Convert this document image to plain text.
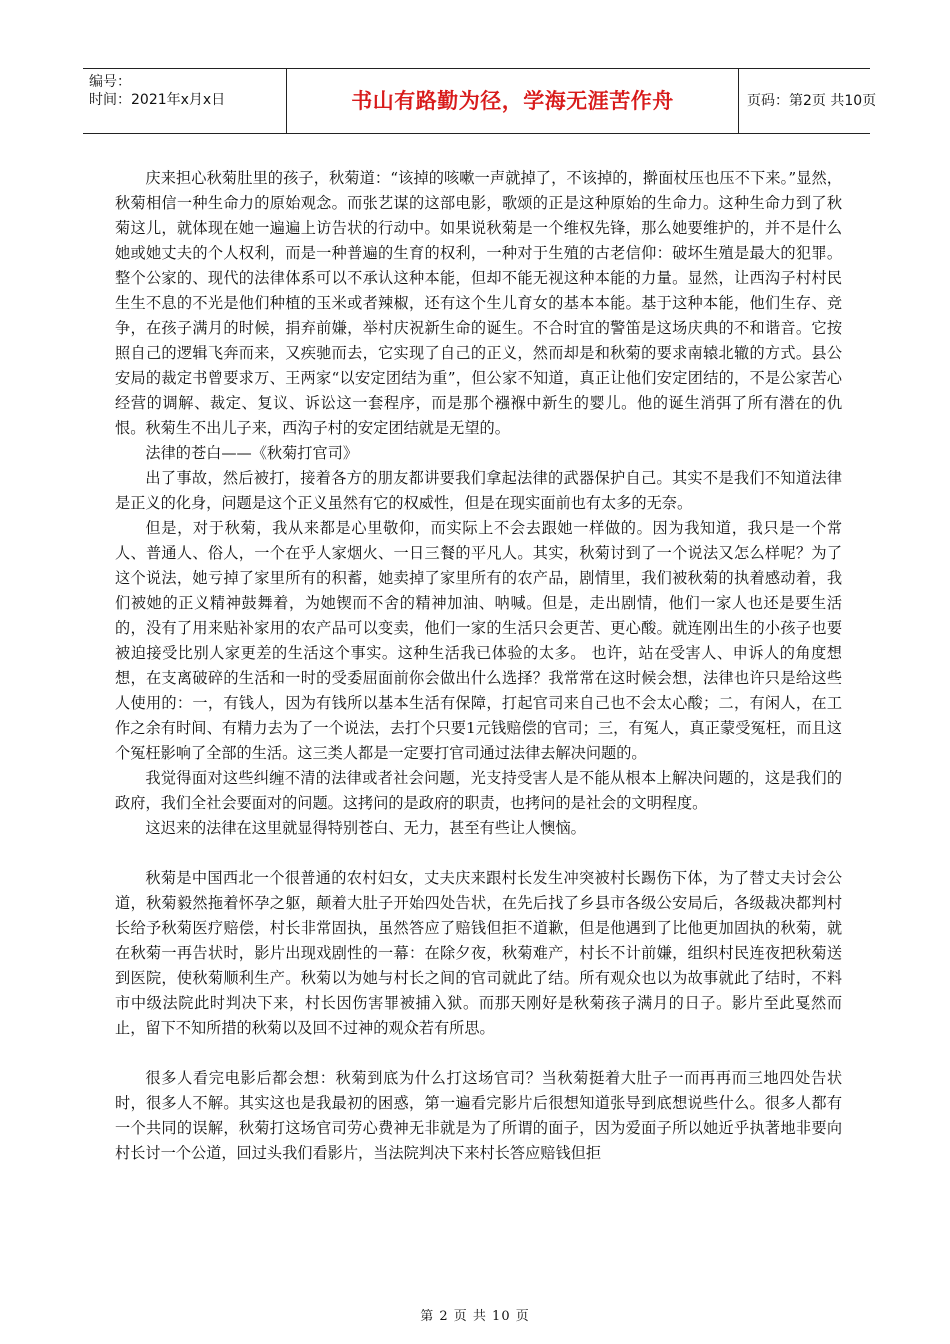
编号：
时间：2021年x月x日	书山有路勤为径，学海无涯苦作舟	页码：第2页 共10页

庆来担心秋菊肚里的孩子，秋菊道：“该掉的咳嗽一声就掉了，不该掉的，擀面杖压也压不下来。”显然，秋菊相信一种生命力的原始观念。而张艺谋的这部电影，歌颂的正是这种原始的生命力。这种生命力到了秋菊这儿，就体现在她一遍遍上访告状的行动中。如果说秋菊是一个维权先锋，那么她要维护的，并不是什么她或她丈夫的个人权利，而是一种普遍的生育的权利，一种对于生殖的古老信仰：破坏生殖是最大的犯罪。整个公家的、现代的法律体系可以不承认这种本能，但却不能无视这种本能的力量。显然，让西沟子村村民生生不息的不光是他们种植的玉米或者辣椒，还有这个生儿育女的基本本能。基于这种本能，他们生存、竞争，在孩子满月的时候，捐弃前嫌，举村庆祝新生命的诞生。不合时宜的警笛是这场庆典的不和谐音。它按照自己的逻辑飞奔而来，又疾驰而去，它实现了自己的正义，然而却是和秋菊的要求南辕北辙的方式。县公安局的裁定书曾要求万、王两家“以安定团结为重”，但公家不知道，真正让他们安定团结的，不是公家苦心经营的调解、裁定、复议、诉讼这一套程序，而是那个襁褓中新生的婴儿。他的诞生消弭了所有潜在的仇恨。秋菊生不出儿子来，西沟子村的安定团结就是无望的。

法律的苍白——《秋菊打官司》

出了事故，然后被打，接着各方的朋友都讲要我们拿起法律的武器保护自己。其实不是我们不知道法律是正义的化身，问题是这个正义虽然有它的权威性，但是在现实面前也有太多的无奈。

但是，对于秋菊，我从来都是心里敬仰，而实际上不会去跟她一样做的。因为我知道，我只是一个常人、普通人、俗人，一个在乎人家烟火、一日三餐的平凡人。其实，秋菊讨到了一个说法又怎么样呢？为了这个说法，她亏掉了家里所有的积蓄，她卖掉了家里所有的农产品，剧情里，我们被秋菊的执着感动着，我们被她的正义精神鼓舞着，为她锲而不舍的精神加油、呐喊。但是，走出剧情，他们一家人也还是要生活的，没有了用来贴补家用的农产品可以变卖，他们一家的生活只会更苦、更心酸。就连刚出生的小孩子也要被迫接受比别人家更差的生活这个事实。这种生活我已体验的太多。 也许，站在受害人、申诉人的角度想想，在支离破碎的生活和一时的受委屈面前你会做出什么选择？我常常在这时候会想，法律也许只是给这些人使用的：一，有钱人，因为有钱所以基本生活有保障，打起官司来自己也不会太心酸；二，有闲人，在工作之余有时间、有精力去为了一个说法，去打个只要1元钱赔偿的官司；三，有冤人，真正蒙受冤枉，而且这个冤枉影响了全部的生活。这三类人都是一定要打官司通过法律去解决问题的。

我觉得面对这些纠缠不清的法律或者社会问题，光支持受害人是不能从根本上解决问题的，这是我们的政府，我们全社会要面对的问题。这拷问的是政府的职责，也拷问的是社会的文明程度。

这迟来的法律在这里就显得特别苍白、无力，甚至有些让人懊恼。

秋菊是中国西北一个很普通的农村妇女，丈夫庆来跟村长发生冲突被村长踢伤下体，为了替丈夫讨会公道，秋菊毅然拖着怀孕之躯，颠着大肚子开始四处告状，在先后找了乡县市各级公安局后，各级裁决都判村长给予秋菊医疗赔偿，村长非常固执，虽然答应了赔钱但拒不道歉，但是他遇到了比他更加固执的秋菊，就在秋菊一再告状时，影片出现戏剧性的一幕：在除夕夜，秋菊难产，村长不计前嫌，组织村民连夜把秋菊送到医院，使秋菊顺利生产。秋菊以为她与村长之间的官司就此了结。所有观众也以为故事就此了结时，不料市中级法院此时判决下来，村长因伤害罪被捕入狱。而那天刚好是秋菊孩子满月的日子。影片至此戛然而止，留下不知所措的秋菊以及回不过神的观众若有所思。

很多人看完电影后都会想：秋菊到底为什么打这场官司？当秋菊挺着大肚子一而再再而三地四处告状时，很多人不解。其实这也是我最初的困惑，第一遍看完影片后很想知道张导到底想说些什么。很多人都有一个共同的误解，秋菊打这场官司劳心费神无非就是为了所谓的面子，因为爱面子所以她近乎执著地非要向村长讨一个公道，回过头我们看影片，当法院判决下来村长答应赔钱但拒

第 2 页 共 10 页
